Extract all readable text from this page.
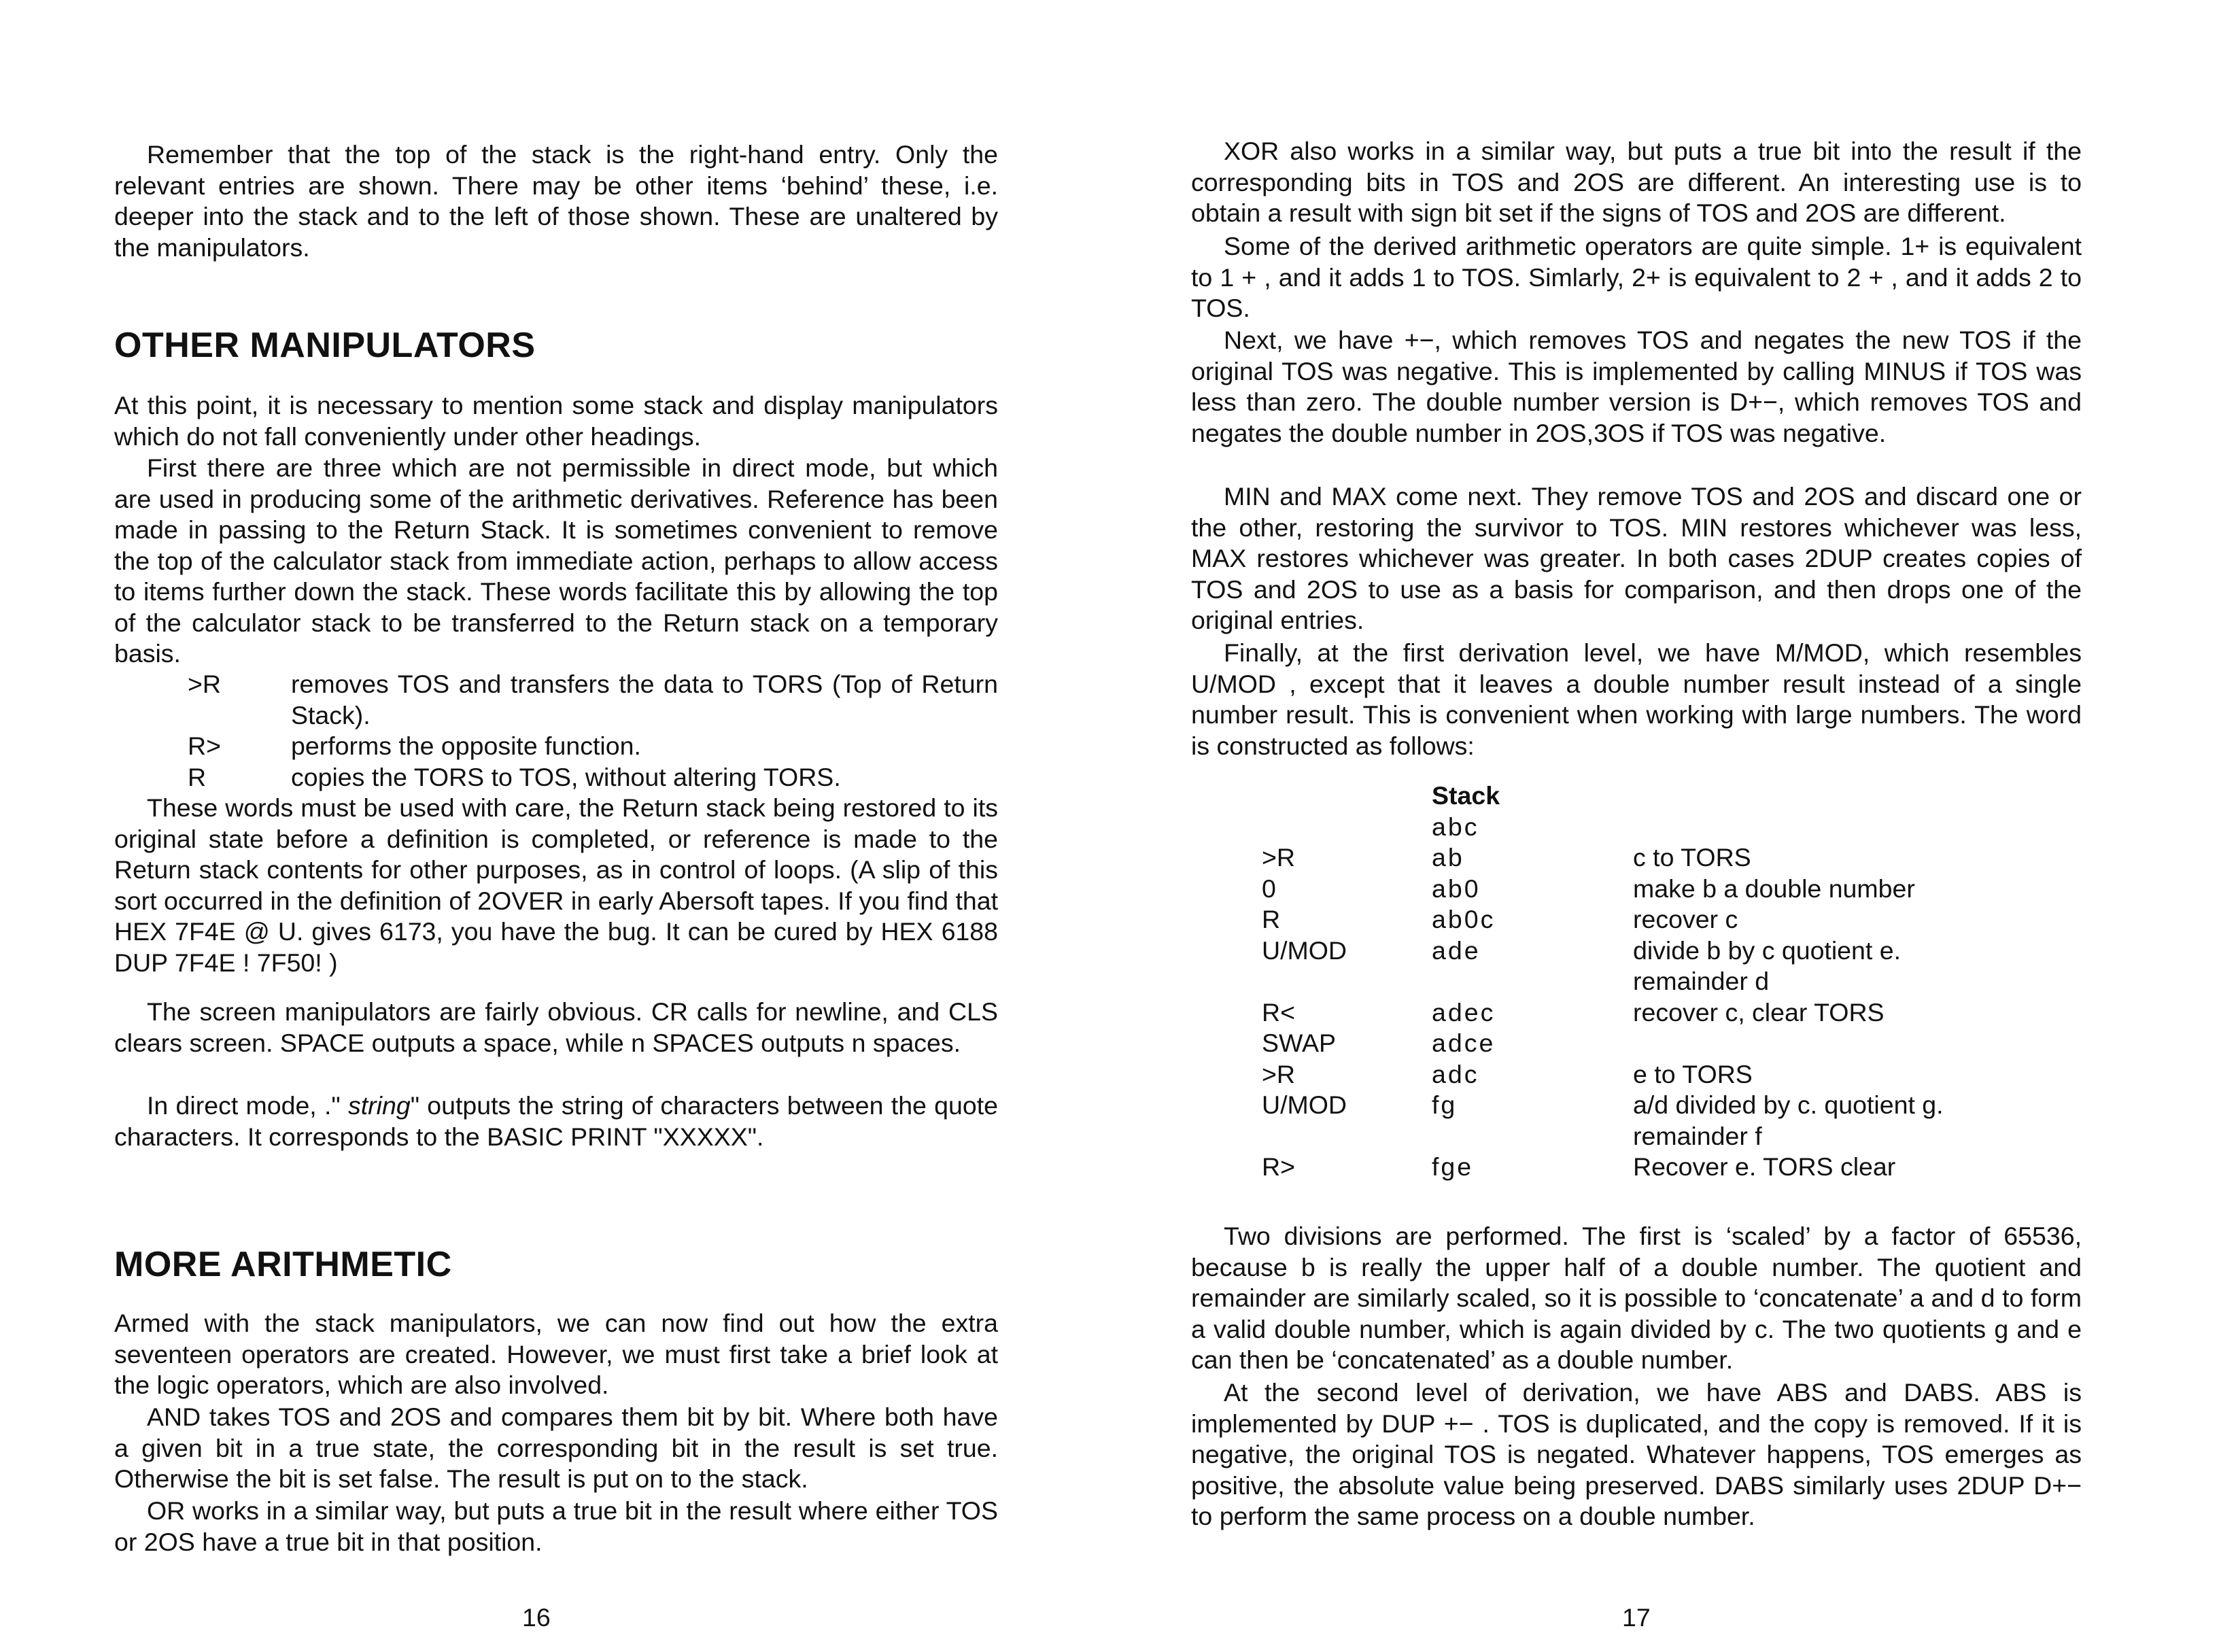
Remember that the top of the stack is the right-hand entry. Only the relevant entries are shown. There may be other items ‘behind’ these, i.e. deeper into the stack and to the left of those shown. These are unaltered by the manipulators.

OTHER MANIPULATORS

At this point, it is necessary to mention some stack and display manipulators which do not fall conveniently under other headings.

First there are three which are not permissible in direct mode, but which are used in producing some of the arithmetic derivatives. Reference has been made in passing to the Return Stack. It is sometimes convenient to remove the top of the calculator stack from immediate action, perhaps to allow access to items further down the stack. These words facilitate this by allowing the top of the calculator stack to be transferred to the Return stack on a temporary basis.

>R	removes TOS and transfers the data to TORS (Top of Return Stack).
R>	performs the opposite function.
R	copies the TORS to TOS, without altering TORS.

These words must be used with care, the Return stack being restored to its original state before a definition is completed, or reference is made to the Return stack contents for other purposes, as in control of loops. (A slip of this sort occurred in the definition of 2OVER in early Abersoft tapes. If you find that HEX 7F4E @ U. gives 6173, you have the bug. It can be cured by HEX 6188 DUP 7F4E ! 7F50! )

The screen manipulators are fairly obvious. CR calls for newline, and CLS clears screen. SPACE outputs a space, while n SPACES outputs n spaces.

In direct mode, ." string" outputs the string of characters between the quote characters. It corresponds to the BASIC PRINT "XXXXX".

MORE ARITHMETIC

Armed with the stack manipulators, we can now find out how the extra seventeen operators are created. However, we must first take a brief look at the logic operators, which are also involved.

AND takes TOS and 2OS and compares them bit by bit. Where both have a given bit in a true state, the corresponding bit in the result is set true. Otherwise the bit is set false. The result is put on to the stack.

OR works in a similar way, but puts a true bit in the result where either TOS or 2OS have a true bit in that position.

16

XOR also works in a similar way, but puts a true bit into the result if the corresponding bits in TOS and 2OS are different. An interesting use is to obtain a result with sign bit set if the signs of TOS and 2OS are different.

Some of the derived arithmetic operators are quite simple. 1+ is equivalent to 1 + , and it adds 1 to TOS. Simlarly, 2+ is equivalent to 2 + , and it adds 2 to TOS.

Next, we have +−, which removes TOS and negates the new TOS if the original TOS was negative. This is implemented by calling MINUS if TOS was less than zero. The double number version is D+−, which removes TOS and negates the double number in 2OS,3OS if TOS was negative.

MIN and MAX come next. They remove TOS and 2OS and discard one or the other, restoring the survivor to TOS. MIN restores whichever was less, MAX restores whichever was greater. In both cases 2DUP creates copies of TOS and 2OS to use as a basis for comparison, and then drops one of the original entries.

Finally, at the first derivation level, we have M/MOD, which resembles U/MOD , except that it leaves a double number result instead of a single number result. This is convenient when working with large numbers. The word is constructed as follows:

Stack
abc
>R	ab	c to TORS
0	ab0	make b a double number
R	ab0c	recover c
U/MOD	ade	divide b by c quotient e.
remainder d
R<	adec	recover c, clear TORS
SWAP	adce
>R	adc	e to TORS
U/MOD	fg	a/d divided by c. quotient g.
remainder f
R>	fge	Recover e. TORS clear

Two divisions are performed. The first is ‘scaled’ by a factor of 65536, because b is really the upper half of a double number. The quotient and remainder are similarly scaled, so it is possible to ‘concatenate’ a and d to form a valid double number, which is again divided by c. The two quotients g and e can then be ‘concatenated’ as a double number.

At the second level of derivation, we have ABS and DABS. ABS is implemented by DUP +− . TOS is duplicated, and the copy is removed. If it is negative, the original TOS is negated. Whatever happens, TOS emerges as positive, the absolute value being preserved. DABS similarly uses 2DUP D+− to perform the same process on a double number.

17
